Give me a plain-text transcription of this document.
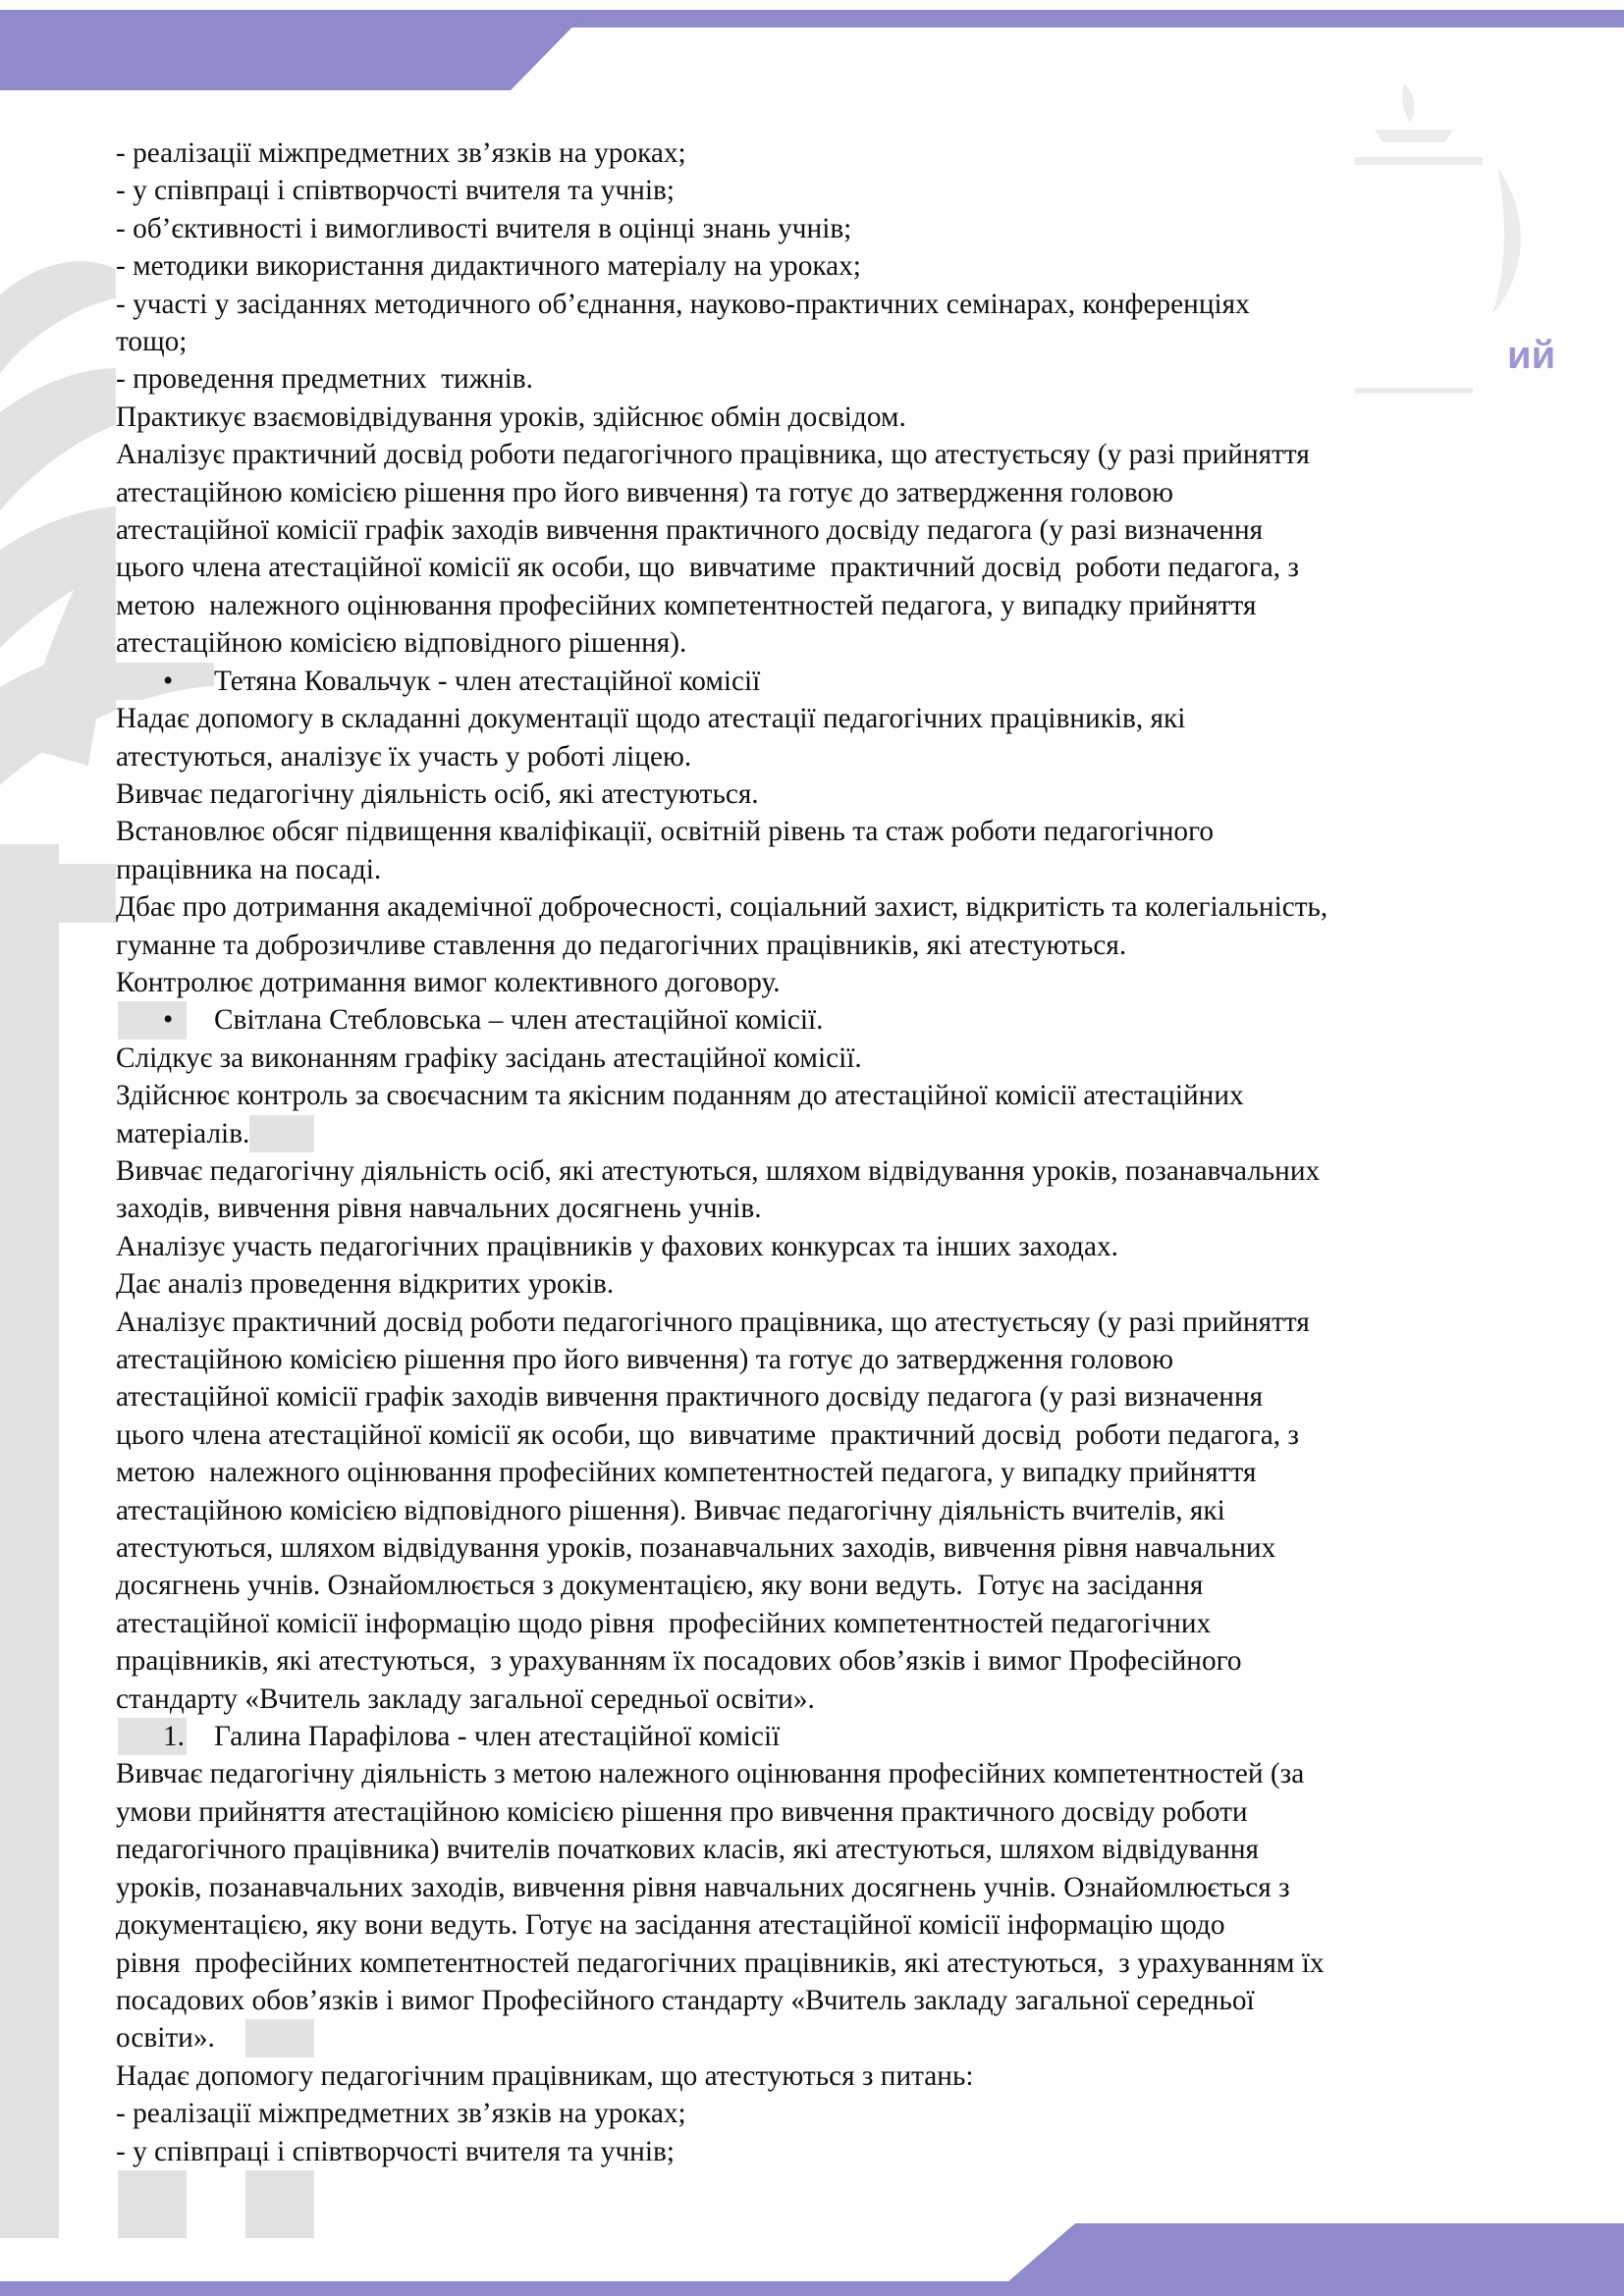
ий
- реалізації міжпредметних зв’язків на уроках;
- у співпраці і співтворчості вчителя та учнів;
- об’єктивності і вимогливості вчителя в оцінці знань учнів;
- методики використання дидактичного матеріалу на уроках;
- участі у засіданнях методичного об’єднання, науково-практичних семінарах, конференціях
тощо;
- проведення предметних  тижнів.
Практикує взаємовідвідування уроків, здійснює обмін досвідом.
Аналізує практичний досвід роботи педагогічного працівника, що атестуєтьсяу (у разі прийняття
атестаційною комісією рішення про його вивчення) та готує до затвердження головою
атестаційної комісії графік заходів вивчення практичного досвіду педагога (у разі визначення
цього члена атестаційної комісії як особи, що  вивчатиме  практичний досвід  роботи педагога, з
метою  належного оцінювання професійних компетентностей педагога, у випадку прийняття
атестаційною комісією відповідного рішення).
•	Тетяна Ковальчук - член атестаційної комісії
Надає допомогу в складанні документації щодо атестації педагогічних працівників, які
атестуються, аналізує їх участь у роботі ліцею.
Вивчає педагогічну діяльність осіб, які атестуються.
Встановлює обсяг підвищення кваліфікації, освітній рівень та стаж роботи педагогічного
працівника на посаді.
Дбає про дотримання академічної доброчесності, соціальний захист, відкритість та колегіальність,
гуманне та доброзичливе ставлення до педагогічних працівників, які атестуються.
Контролює дотримання вимог колективного договору.
•	Світлана Стебловська – член атестаційної комісії.
Слідкує за виконанням графіку засідань атестаційної комісії.
Здійснює контроль за своєчасним та якісним поданням до атестаційної комісії атестаційних
матеріалів.
Вивчає педагогічну діяльність осіб, які атестуються, шляхом відвідування уроків, позанавчальних
заходів, вивчення рівня навчальних досягнень учнів.
Аналізує участь педагогічних працівників у фахових конкурсах та інших заходах.
Дає аналіз проведення відкритих уроків.
Аналізує практичний досвід роботи педагогічного працівника, що атестуєтьсяу (у разі прийняття
атестаційною комісією рішення про його вивчення) та готує до затвердження головою
атестаційної комісії графік заходів вивчення практичного досвіду педагога (у разі визначення
цього члена атестаційної комісії як особи, що  вивчатиме  практичний досвід  роботи педагога, з
метою  належного оцінювання професійних компетентностей педагога, у випадку прийняття
атестаційною комісією відповідного рішення). Вивчає педагогічну діяльність вчителів, які
атестуються, шляхом відвідування уроків, позанавчальних заходів, вивчення рівня навчальних
досягнень учнів. Ознайомлюється з документацією, яку вони ведуть.  Готує на засідання
атестаційної комісії інформацію щодо рівня  професійних компетентностей педагогічних
працівників, які атестуються,  з урахуванням їх посадових обов’язків і вимог Професійного
стандарту «Вчитель закладу загальної середньої освіти».
1.	Галина Парафілова - член атестаційної комісії
Вивчає педагогічну діяльність з метою належного оцінювання професійних компетентностей (за
умови прийняття атестаційною комісією рішення про вивчення практичного досвіду роботи
педагогічного працівника) вчителів початкових класів, які атестуються, шляхом відвідування
уроків, позанавчальних заходів, вивчення рівня навчальних досягнень учнів. Ознайомлюється з
документацією, яку вони ведуть. Готує на засідання атестаційної комісії інформацію щодо
рівня  професійних компетентностей педагогічних працівників, які атестуються,  з урахуванням їх
посадових обов’язків і вимог Професійного стандарту «Вчитель закладу загальної середньої
освіти».
Надає допомогу педагогічним працівникам, що атестуються з питань:
- реалізації міжпредметних зв’язків на уроках;
- у співпраці і співтворчості вчителя та учнів;
